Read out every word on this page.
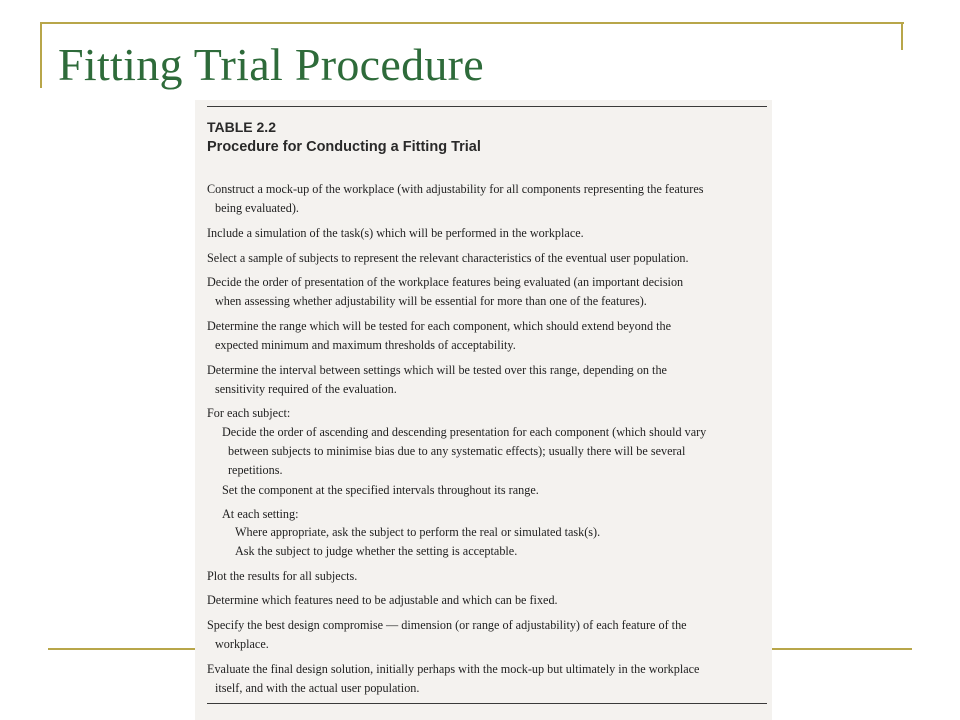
Fitting Trial Procedure
TABLE 2.2
Procedure for Conducting a Fitting Trial
Construct a mock-up of the workplace (with adjustability for all components representing the features
being evaluated).
Include a simulation of the task(s) which will be performed in the workplace.
Select a sample of subjects to represent the relevant characteristics of the eventual user population.
Decide the order of presentation of the workplace features being evaluated (an important decision
when assessing whether adjustability will be essential for more than one of the features).
Determine the range which will be tested for each component, which should extend beyond the
expected minimum and maximum thresholds of acceptability.
Determine the interval between settings which will be tested over this range, depending on the
sensitivity required of the evaluation.
For each subject:
Decide the order of ascending and descending presentation for each component (which should vary
between subjects to minimise bias due to any systematic effects); usually there will be several
repetitions.
Set the component at the specified intervals throughout its range.
At each setting:
Where appropriate, ask the subject to perform the real or simulated task(s).
Ask the subject to judge whether the setting is acceptable.
Plot the results for all subjects.
Determine which features need to be adjustable and which can be fixed.
Specify the best design compromise — dimension (or range of adjustability) of each feature of the
workplace.
Evaluate the final design solution, initially perhaps with the mock-up but ultimately in the workplace
itself, and with the actual user population.
